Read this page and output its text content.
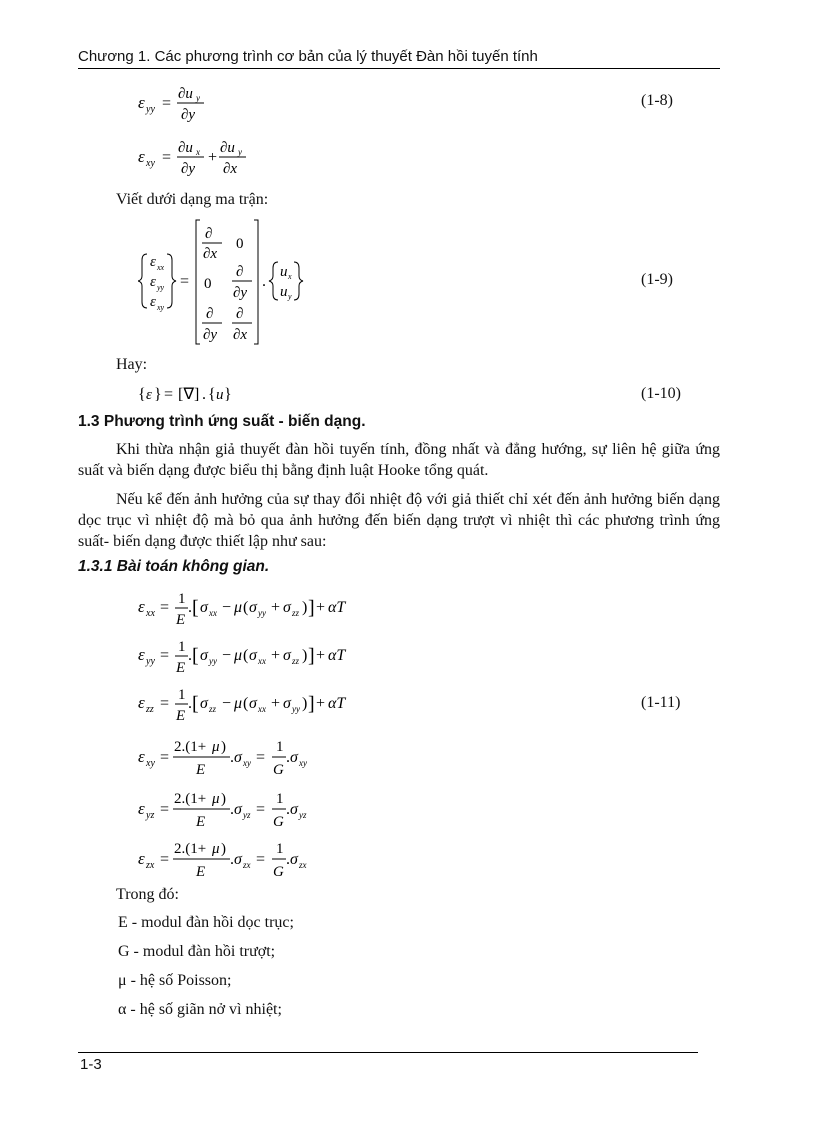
Chương 1. Các phương trình cơ bản của lý thuyết Đàn hồi tuyến tính
ε yy =
∂u y
∂y
(1-8)
ε xy =
∂u x
∂y
+
∂u y
∂x
Viết dưới dạng ma trận:
ε xx
ε yy
ε xy
=
∂
∂x
0
0
∂
∂y
∂
∂y
∂
∂x
.
u x
u y
(1-9)
Hay:
{ ε } = [∇] . { u }	(1-10)
1.3 Phương trình ứng suất - biến dạng.
Khi thừa nhận giả thuyết đàn hồi tuyến tính, đồng nhất và đẳng hướng, sự liên hệ giữa ứng suất và biến dạng được biểu thị bằng định luật Hooke tổng quát.
Nếu kể đến ảnh hưởng của sự thay đổi nhiệt độ với giả thiết chỉ xét đến ảnh hưởng biến dạng dọc trục vì nhiệt độ mà bỏ qua ảnh hưởng đến biến dạng trượt vì nhiệt thì các phương trình ứng suất- biến dạng được thiết lập như sau:
1.3.1 Bài toán không gian.
ε xx = 1
E
. [ σ xx − μ ( σ yy + σ zz ) ] + αT
ε yy = 1
E
. [ σ yy − μ ( σ xx + σ zz ) ] + αT
ε zz = 1
E
. [ σ zz − μ ( σ xx + σ yy ) ] + αT	(1-11)
ε xy =
2.(1+ μ )
E
. σ xy =
1
G
. σ xy
ε yz =
2.(1+ μ )
E
. σ yz =
1
G
. σ yz
ε zx =
2.(1+ μ )
E
. σ zx =
1
G
. σ zx
Trong đó:
E - modul đàn hồi dọc trục;
G - modul đàn hồi trượt;
μ - hệ số Poisson;
α - hệ số giãn nở vì nhiệt;
1-3
